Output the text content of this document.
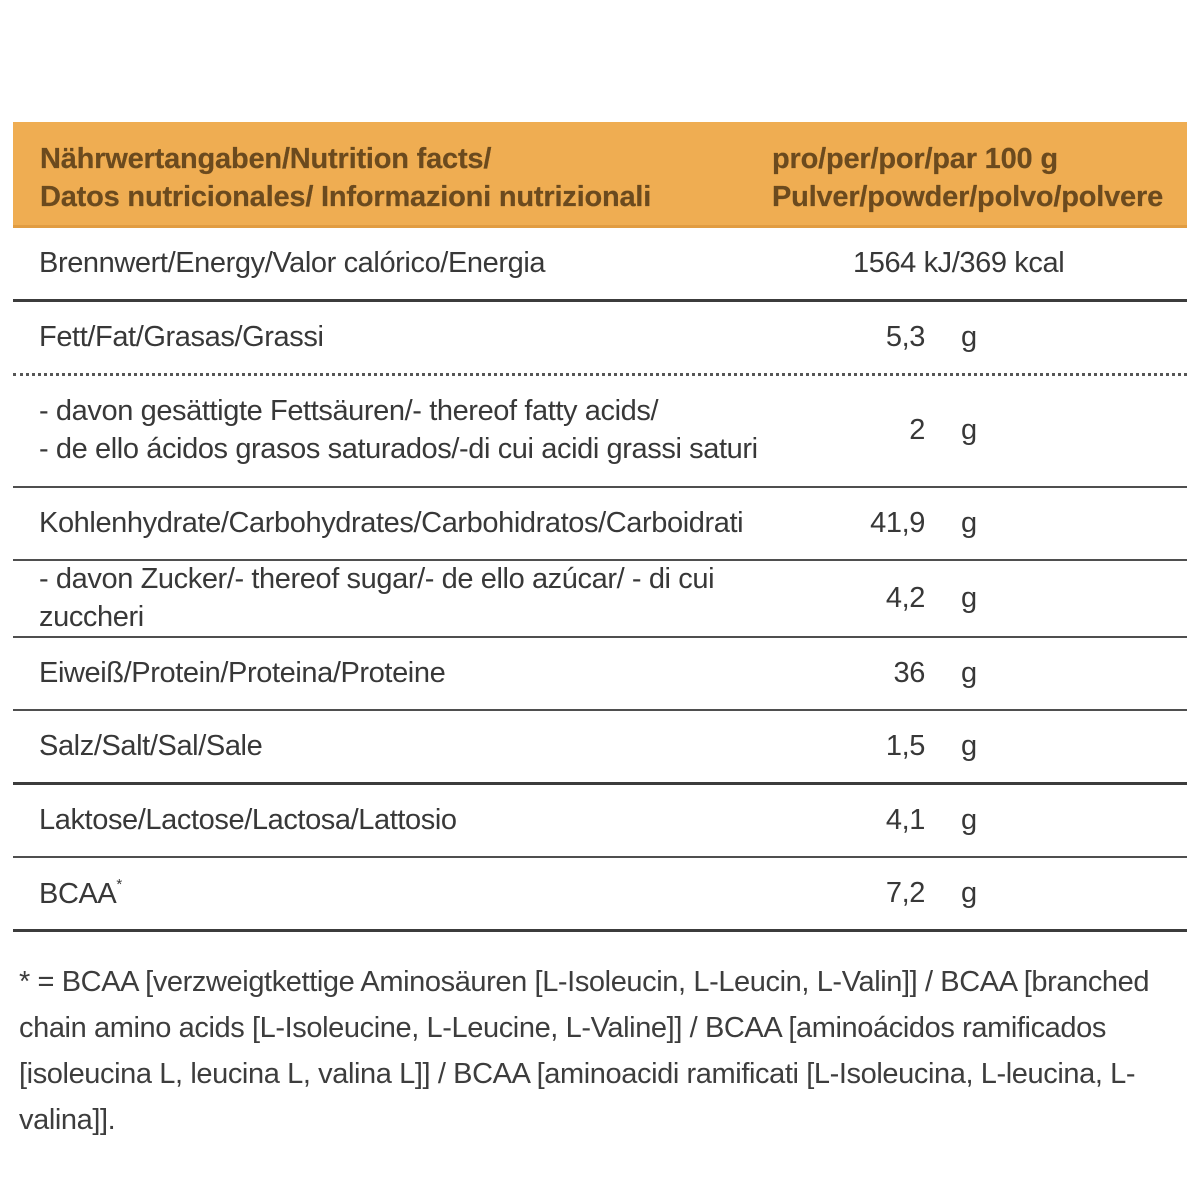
Nährwertangaben/Nutrition facts/
Datos nutricionales/ Informazioni nutrizionali
pro/per/por/par 100 g
Pulver/powder/polvo/polvere
Brennwert/Energy/Valor calórico/Energia	1564 kJ/369 kcal
Fett/Fat/Grasas/Grassi	5,3	g
- davon gesättigte Fettsäuren/- thereof fatty acids/
- de ello ácidos grasos saturados/-di cui acidi grassi saturi
2	g
Kohlenhydrate/Carbohydrates/Carbohidratos/Carboidrati	41,9	g
- davon Zucker/- thereof sugar/- de ello azúcar/ - di cui zuccheri
4,2	g
Eiweiß/Protein/Proteina/Proteine	36	g
Salz/Salt/Sal/Sale	1,5	g
Laktose/Lactose/Lactosa/Lattosio	4,1	g
BCAA*	7,2	g

* = BCAA [verzweigtkettige Aminosäuren [L-Isoleucin, L-Leucin, L-Valin]] / BCAA [branched chain amino acids [L-Isoleucine, L-Leucine, L-Valine]] / BCAA [aminoácidos ramificados [isoleucina L, leucina L, valina L]] / BCAA [aminoacidi ramificati [L-Isoleucina, L-leucina, L-valina]].
